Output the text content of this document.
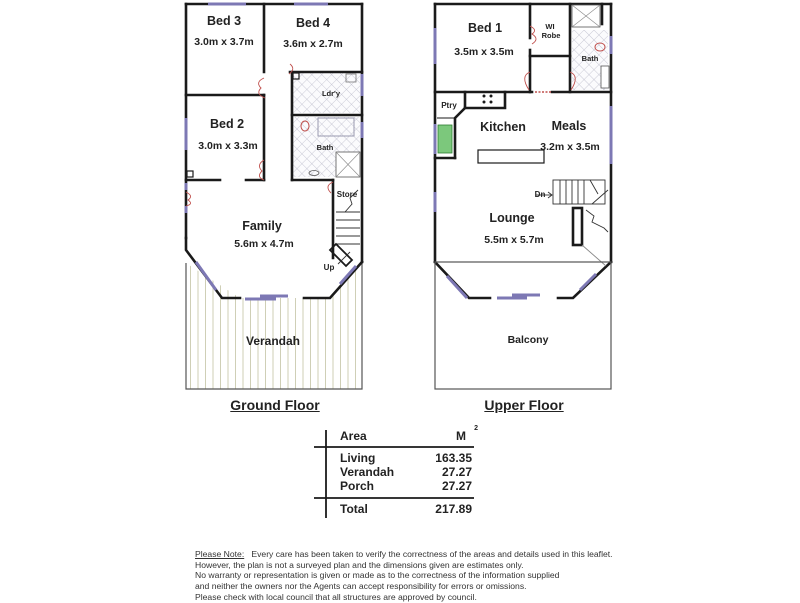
Bed 3
3.0m x 3.7m
Bed 4
3.6m x 2.7m
Bed 2
3.0m x 3.3m
Ldr'y
Bath
Store
Family
5.6m x 4.7m
Up
Verandah
Ground Floor
Bed 1
3.5m x 3.5m
WI
Robe
Bath
Ptry
Kitchen Meals
3.2m x 3.5m
Dn
Lounge
5.5m x 5.7m
Balcony
Upper Floor
Area	M
2
Living	163.35
Verandah	27.27
Porch	27.27
Total	217.89
Please Note: Every care has been taken to verify the correctness of the areas and details used in this leaflet.
However, the plan is not a surveyed plan and the dimensions given are estimates only.
No warranty or representation is given or made as to the correctness of the information supplied
and neither the owners nor the Agents can accept responsibility for errors or omissions.
Please check with local council that all structures are approved by council.
